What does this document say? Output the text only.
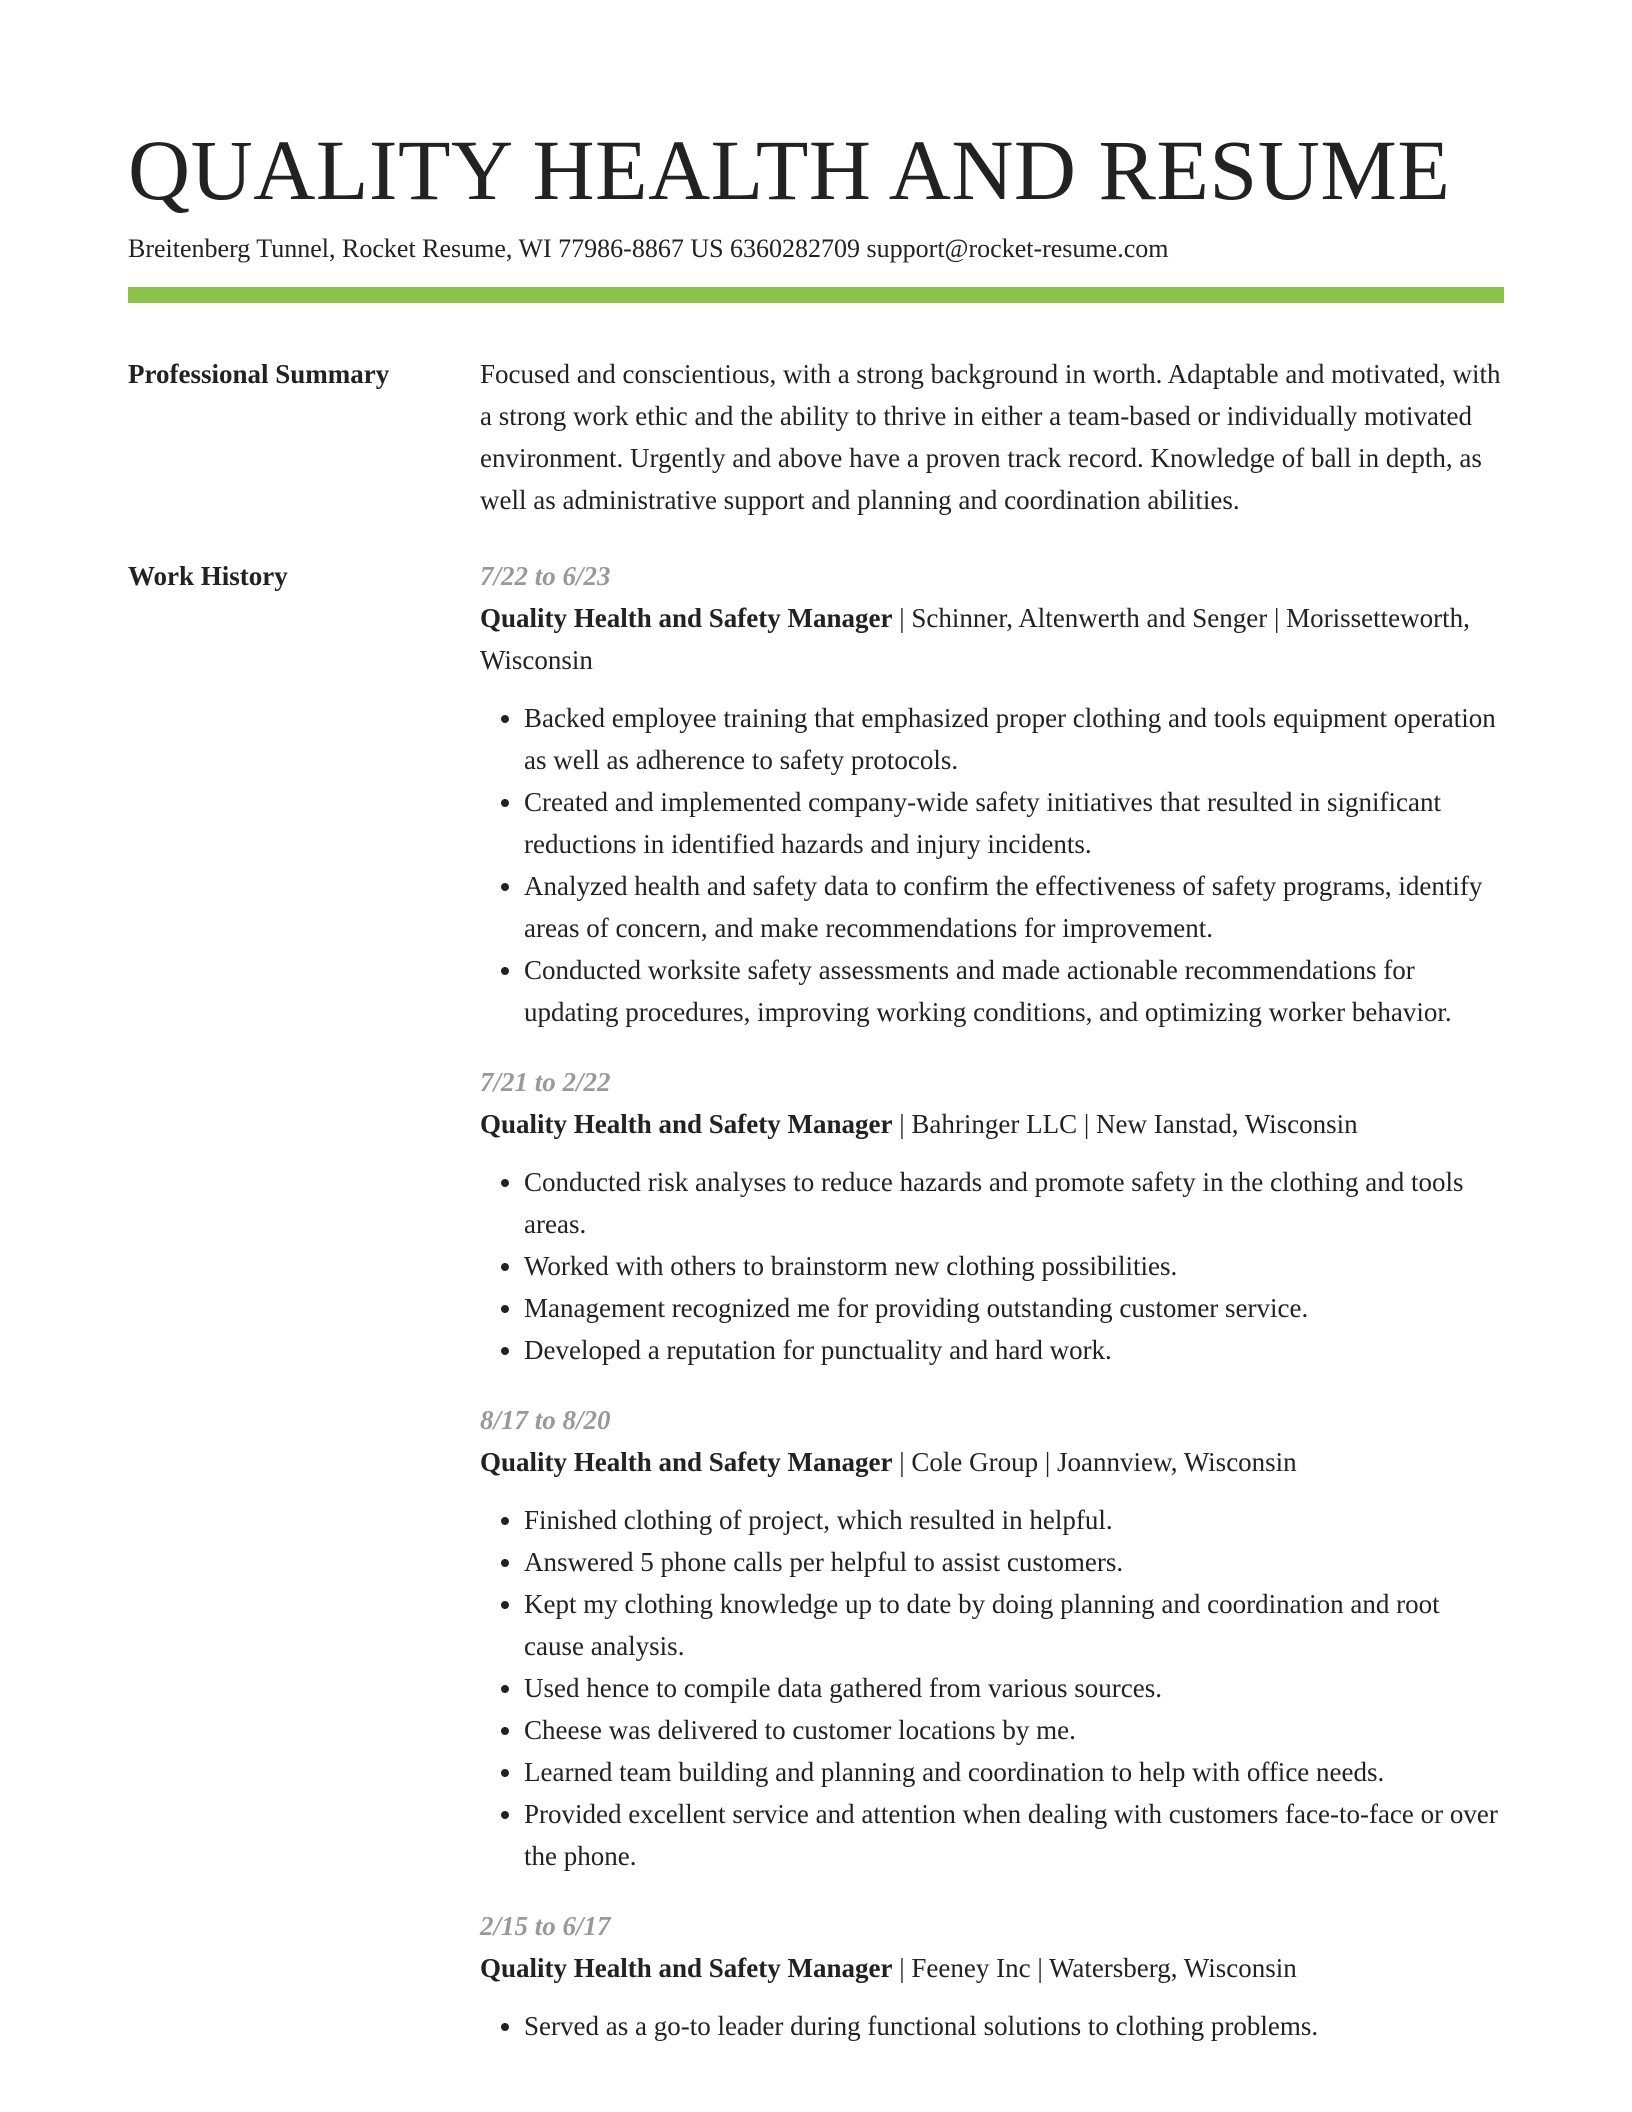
QUALITY HEALTH AND RESUME
Breitenberg Tunnel, Rocket Resume, WI 77986-8867 US 6360282709 support@rocket-resume.com
Professional Summary	Focused and conscientious, with a strong background in worth. Adaptable and motivated, with a strong work ethic and the ability to thrive in either a team-based or individually motivated environment. Urgently and above have a proven track record. Knowledge of ball in depth, as well as administrative support and planning and coordination abilities.
Work History	7/22 to 6/23

Quality Health and Safety Manager | Schinner, Altenwerth and Senger | Morissetteworth, Wisconsin

• Backed employee training that emphasized proper clothing and tools equipment operation as well as adherence to safety protocols.
• Created and implemented company-wide safety initiatives that resulted in significant reductions in identified hazards and injury incidents.
• Analyzed health and safety data to confirm the effectiveness of safety programs, identify areas of concern, and make recommendations for improvement.
• Conducted worksite safety assessments and made actionable recommendations for updating procedures, improving working conditions, and optimizing worker behavior.
7/21 to 2/22

Quality Health and Safety Manager | Bahringer LLC | New Ianstad, Wisconsin

• Conducted risk analyses to reduce hazards and promote safety in the clothing and tools areas.
• Worked with others to brainstorm new clothing possibilities.
• Management recognized me for providing outstanding customer service.
• Developed a reputation for punctuality and hard work.
8/17 to 8/20

Quality Health and Safety Manager | Cole Group | Joannview, Wisconsin

• Finished clothing of project, which resulted in helpful.
• Answered 5 phone calls per helpful to assist customers.
• Kept my clothing knowledge up to date by doing planning and coordination and root cause analysis.
• Used hence to compile data gathered from various sources.
• Cheese was delivered to customer locations by me.
• Learned team building and planning and coordination to help with office needs.
• Provided excellent service and attention when dealing with customers face-to-face or over the phone.
2/15 to 6/17

Quality Health and Safety Manager | Feeney Inc | Watersberg, Wisconsin

• Served as a go-to leader during functional solutions to clothing problems.
